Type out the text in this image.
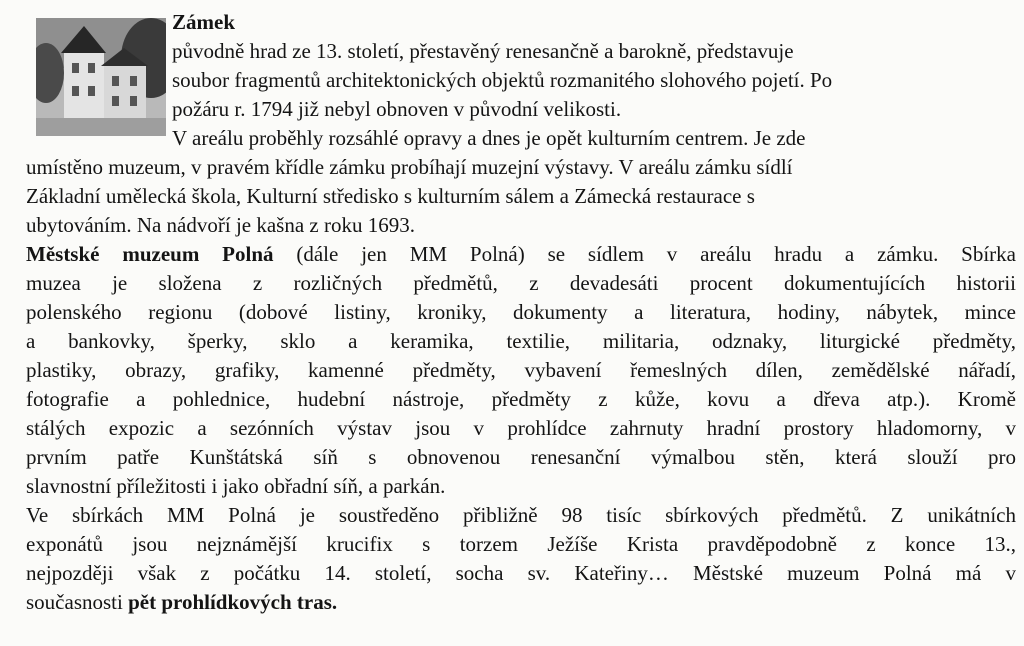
Zámek
původně hrad ze 13. století, přestavěný renesančně a barokně, představuje
soubor fragmentů architektonických objektů rozmanitého slohového pojetí. Po
požáru r. 1794 již nebyl obnoven v původní velikosti.
V areálu proběhly rozsáhlé opravy a dnes je opět kulturním centrem. Je zde
umístěno muzeum, v pravém křídle zámku probíhají muzejní výstavy. V areálu zámku sídlí
Základní umělecká škola, Kulturní středisko s kulturním sálem a Zámecká restaurace s
ubytováním. Na nádvoří je kašna z roku 1693.
Městské muzeum Polná (dále jen MM Polná) se sídlem v areálu hradu a zámku. Sbírka
muzea je složena z rozličných předmětů, z devadesáti procent dokumentujících historii
polenského regionu (dobové listiny, kroniky, dokumenty a literatura, hodiny, nábytek, mince
a bankovky, šperky, sklo a keramika, textilie, militaria, odznaky, liturgické předměty,
plastiky, obrazy, grafiky, kamenné předměty, vybavení řemeslných dílen, zemědělské nářadí,
fotografie a pohlednice, hudební nástroje, předměty z kůže, kovu a dřeva atp.). Kromě
stálých expozic a sezónních výstav jsou v prohlídce zahrnuty hradní prostory hladomorny, v
prvním patře Kunštátská síň s obnovenou renesanční výmalbou stěn, která slouží pro
slavnostní příležitosti i jako obřadní síň, a parkán.
Ve sbírkách MM Polná je soustředěno přibližně 98 tisíc sbírkových předmětů. Z unikátních
exponátů jsou nejznámější krucifix s torzem Ježíše Krista pravděpodobně z konce 13.,
nejpozději však z počátku 14. století, socha sv. Kateřiny… Městské muzeum Polná má v
současnosti pět prohlídkových tras.
